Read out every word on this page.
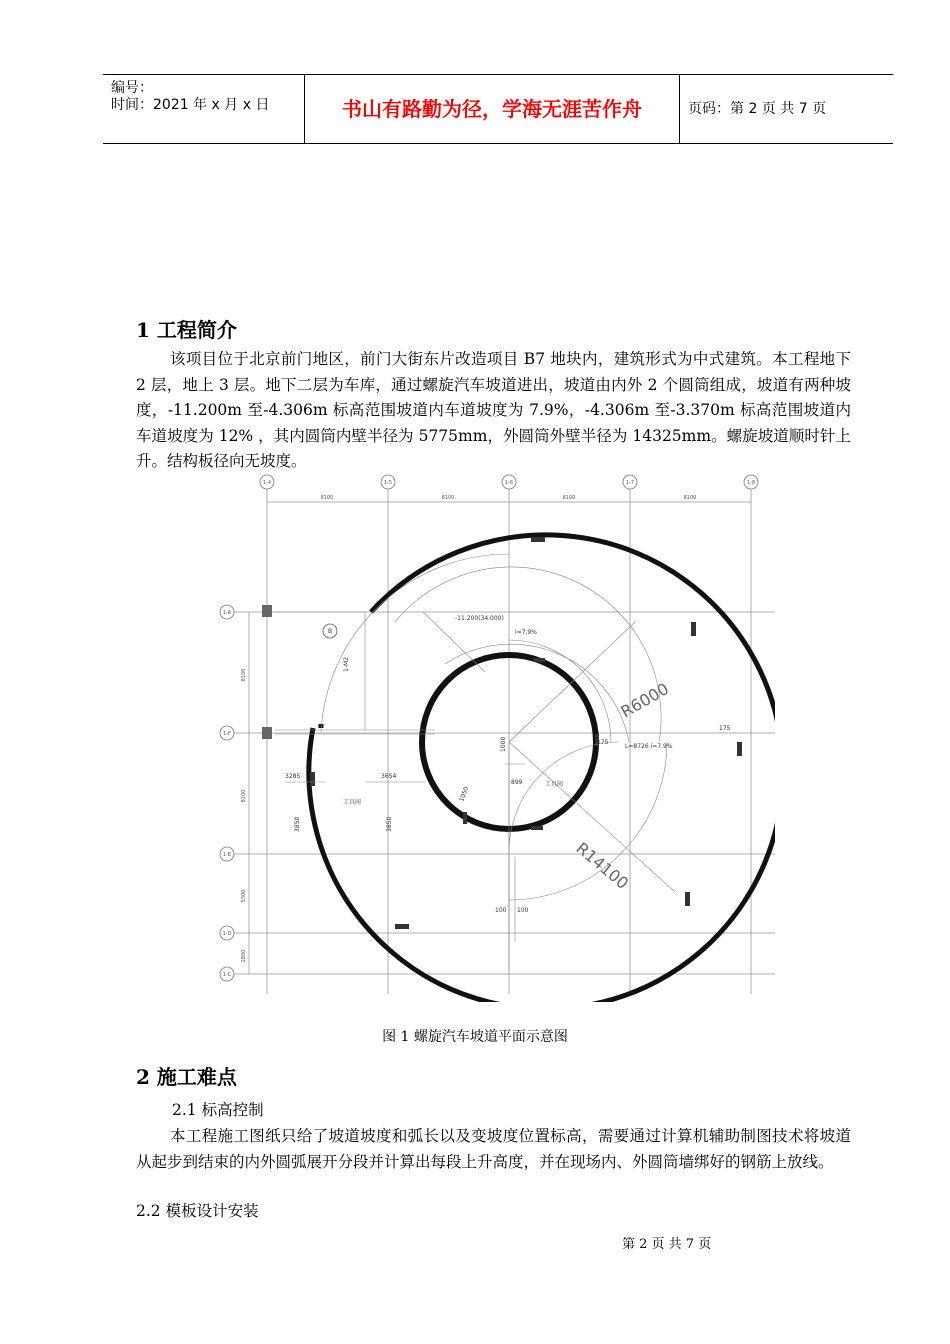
编号：
时间：2021 年 x 月 x 日	书山有路勤为径，学海无涯苦作舟	页码：第 2 页 共 7 页
1 工程简介
该项目位于北京前门地区，前门大街东片改造项目 B7 地块内，建筑形式为中式建筑。本工程地下 2 层，地上 3 层。地下二层为车库，通过螺旋汽车坡道进出，坡道由内外 2 个圆筒组成，坡道有两种坡度，-11.200m 至-4.306m 标高范围坡道内车道坡度为 7.9%，-4.306m 至-3.370m 标高范围坡道内车道坡度为 12% ，其内圆筒内壁半径为 5775mm，外圆筒外壁半径为 14325mm。螺旋坡道顺时针上升。结构板径向无坡度。
1-4	1-5	1-6	1-7	1-8
1-A
1-F
1-E
1-D
1-C
8100	8100	8100	8100
8100
8100
5300
2800
R6000
R14100
-11.200(34.000)
i=7.9%
L=8726 i=7.9%
工具间
工具间
3285	3654
3850	3850
1000
1050
899
100 100
175
175
1-M2
B
图 1 螺旋汽车坡道平面示意图
2 施工难点
2.1 标高控制
本工程施工图纸只给了坡道坡度和弧长以及变坡度位置标高，需要通过计算机辅助制图技术将坡道从起步到结束的内外圆弧展开分段并计算出每段上升高度，并在现场内、外圆筒墙绑好的钢筋上放线。
2.2 模板设计安装
第 2 页 共 7 页
